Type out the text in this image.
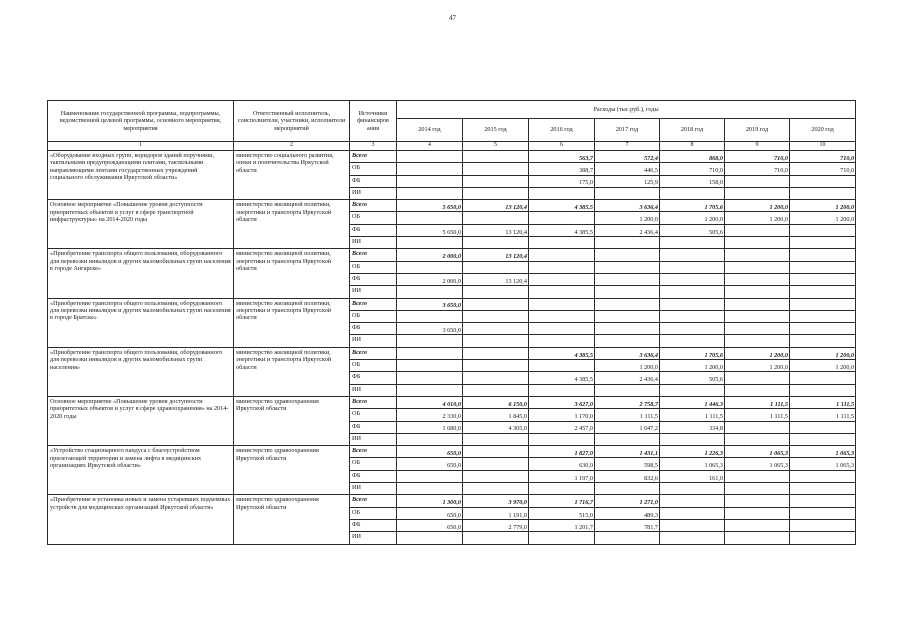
47
Наименование государственной программы, подпрограммы, ведомственной целевой программы, основного мероприятия, мероприятия	Ответственный исполнитель, соисполнители, участники, исполнители мероприятий	Источники финансиров ания	Расходы (тыс.руб.), годы						
			2014 год	2015 год	2016 год	2017 год	2018 год	2019 год	2020 год
1	2	3	4	5	6	7	8	9	10
«Оборудование входных групп, коридоров зданий поручнями, тактильными предупреждающими плитами, тактильными направляющими лентами государственных учреждений социального обслуживания Иркутской области»	министерство социального развития, опеки и попечительства Иркутской области	Всего			563,7	572,4	868,0	710,0	710,0
		ОБ			388,7	446,5	710,0	710,0	710,0
		ФБ			175,0	125,9	158,0		
		ИИ							
Основное мероприятие «Повышение уровня доступности приоритетных объектов и услуг в сфере транспортной инфраструктуры» на 2014-2020 годы	министерство жилищной политики, энергетики и транспорта Иркутской области	Всего	5 650,0	13 120,4	4 385,5	3 636,4	1 705,6	1 200,0	1 200,0
		ОБ				1 200,0	1 200,0	1 200,0	1 200,0
		ФБ	5 650,0	13 120,4	4 385,5	2 436,4	505,6		
		ИИ							
«Приобретение транспорта общего пользования, оборудованного для перевозки инвалидов и других маломобильных групп населения в городе Ангарске»	министерство жилищной политики, энергетики и транспорта Иркутской области	Всего	2 000,0	13 120,4					
		ОБ							
		ФБ	2 000,0	13 120,4					
		ИИ							
«Приобретение транспорта общего пользования, оборудованного для перевозки инвалидов и других маломобильных групп населения в городе Братске»	министерство жилищной политики, энергетики и транспорта Иркутской области	Всего	3 650,0						
		ОБ							
		ФБ	3 650,0						
		ИИ							
«Приобретение транспорта общего пользования, оборудованного для перевозки инвалидов и других маломобильных групп населения»	министерство жилищной политики, энергетики и транспорта Иркутской области	Всего			4 385,5	3 636,4	1 705,6	1 200,0	1 200,0
		ОБ				1 200,0	1 200,0	1 200,0	1 200,0
		ФБ			4 385,5	2 436,4	505,6		
		ИИ							
Основное мероприятие «Повышение уровня доступности приоритетных объектов и услуг в сфере здравоохранения» на 2014-2020 годы	министерство здравоохранения Иркутской области	Всего	4 010,0	6 150,0	3 627,0	2 758,7	1 446,3	1 111,5	1 111,5
		ОБ	2 330,0	1 845,0	1 170,0	1 111,5	1 111,5	1 111,5	1 111,5
		ФБ	1 680,0	4 305,0	2 457,0	1 647,2	334,8		
		ИИ							
«Устройство стационарного пандуса с благоустройством прилегающей территории и замена лифта в медицинских организациях Иркутской области»	министерство здравоохранения Иркутской области	Всего	650,0		1 827,0	1 431,1	1 226,3	1 065,3	1 065,3
		ОБ	650,0		630,0	598,5	1 065,3	1 065,3	1 065,3
		ФБ			1 197,0	832,6	161,0		
		ИИ							
«Приобретение и установка новых и замена устаревших подъемных устройств для медицинских организаций Иркутской области»	министерство здравоохранения Иркутской области	Всего	1 300,0	3 970,0	1 716,7	1 271,0			
		ОБ	650,0	1 191,0	515,0	489,3			
		ФБ	650,0	2 779,0	1 201,7	781,7			
		ИИ							
